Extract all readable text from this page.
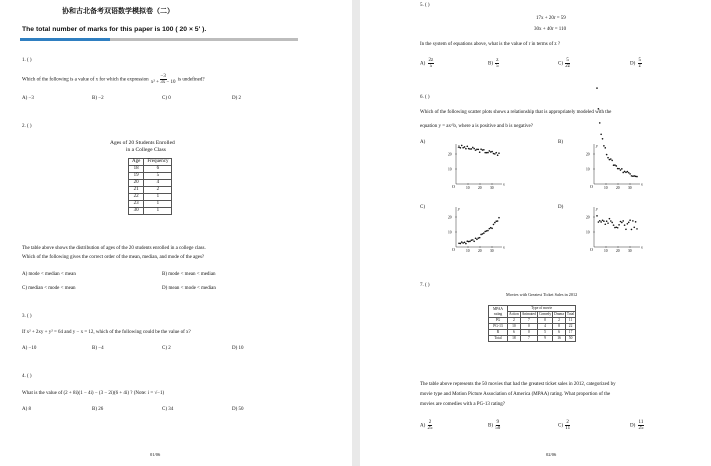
协和古北备考双语数学模拟卷（二）
The total number of marks for this paper is 100 ( 20 × 5' ).
1. ( )
Which of the following is a value of x for which the expression $\frac{-3}{\text{x² + 3x − 10}}$ is undefined?
A) −3	B) −2	C) 0	D) 2
2. ( )
Ages of 20 Students Enrolled
in a College Class
Age	Frequency
18	6
19	5
20	4
21	2
22	1
23	1
30	1
The table above shows the distribution of ages of the 20 students enrolled in a college class.
Which of the following gives the correct order of the mean, median, and mode of the ages?
A) mode < median < mean	B) mode < mean < median
C) median < mode < mean	D) mean < mode < median
3. ( )
If x² + 2xy + y² = 64 and y − x = 12, which of the following could be the value of x?
A) −10	B) −4	C) 2	D) 10
4. ( )
What is the value of (2 + 8i)(1 − 4i) − (3 − 2i)(6 + 4i) ? (Note: i = √−1)
A) 8	B) 26	C) 34	D) 50
01/06
5. ( )
17x + 20r = 59
30x + 40r = 110
In the system of equations above, what is the value of r in terms of z ?
$A) \frac{2z}{5}$	$B) \frac{z}{5}$	$C) \frac{5}{2z}$	$D) \frac{5}{z}$
6. ( )
Which of the following scatter plots shows a relationship that is appropriately modeled with the
equation y = ax^b, where a is positive and b is negative?
A)	B)
C)	D)
y
x
O
20
10
10 20 30
y
x
O
20
10
10 20 30
y
x
O
20
10
10 20 30
y
x
O
20
10
10 20 30
7. ( )
Movies with Greatest Ticket Sales in 2012
MPAA rating	Type of movie				
	Action	Animated	Comedy	Drama	Total
PG	2	7	0	2	11
PG-13	10	0	4	8	22
R	6	0	5	6	17
Total	18	7	9	16	50
The table above represents the 50 movies that had the greatest ticket sales in 2012, categorized by
movie type and Motion Picture Association of America (MPAA) rating. What proportion of the
movies are comedies with a PG-13 rating?
$A) \frac{2}{25}$	$B) \frac{9}{50}$	$C) \frac{2}{11}$	$D) \frac{11}{25}$
02/06
